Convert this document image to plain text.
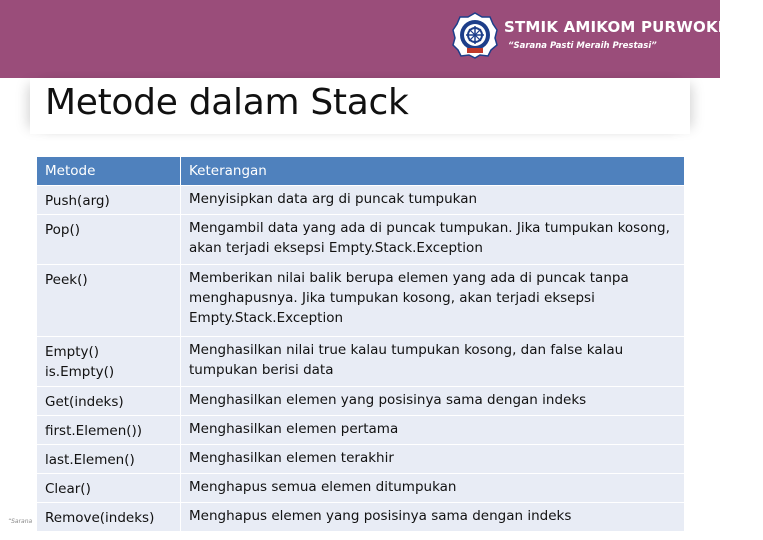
STMIK AMIKOM PURWOKERTO
“Sarana Pasti Meraih Prestasi”
Metode dalam Stack
Metode	Keterangan
Push(arg)	Menyisipkan data arg di puncak tumpukan
Pop()	Mengambil data yang ada di puncak tumpukan. Jika tumpukan kosong, akan terjadi eksepsi Empty.Stack.Exception
Peek()	Memberikan nilai balik berupa elemen yang ada di puncak tanpa menghapusnya. Jika tumpukan kosong, akan terjadi eksepsi Empty.Stack.Exception
Empty() is.Empty()	Menghasilkan nilai true kalau tumpukan kosong, dan false kalau tumpukan berisi data
Get(indeks)	Menghasilkan elemen yang posisinya sama dengan indeks
first.Elemen())	Menghasilkan elemen pertama
last.Elemen()	Menghasilkan elemen terakhir
Clear()	Menghapus semua elemen ditumpukan
Remove(indeks)	Menghapus elemen yang posisinya sama dengan indeks
“Sarana
